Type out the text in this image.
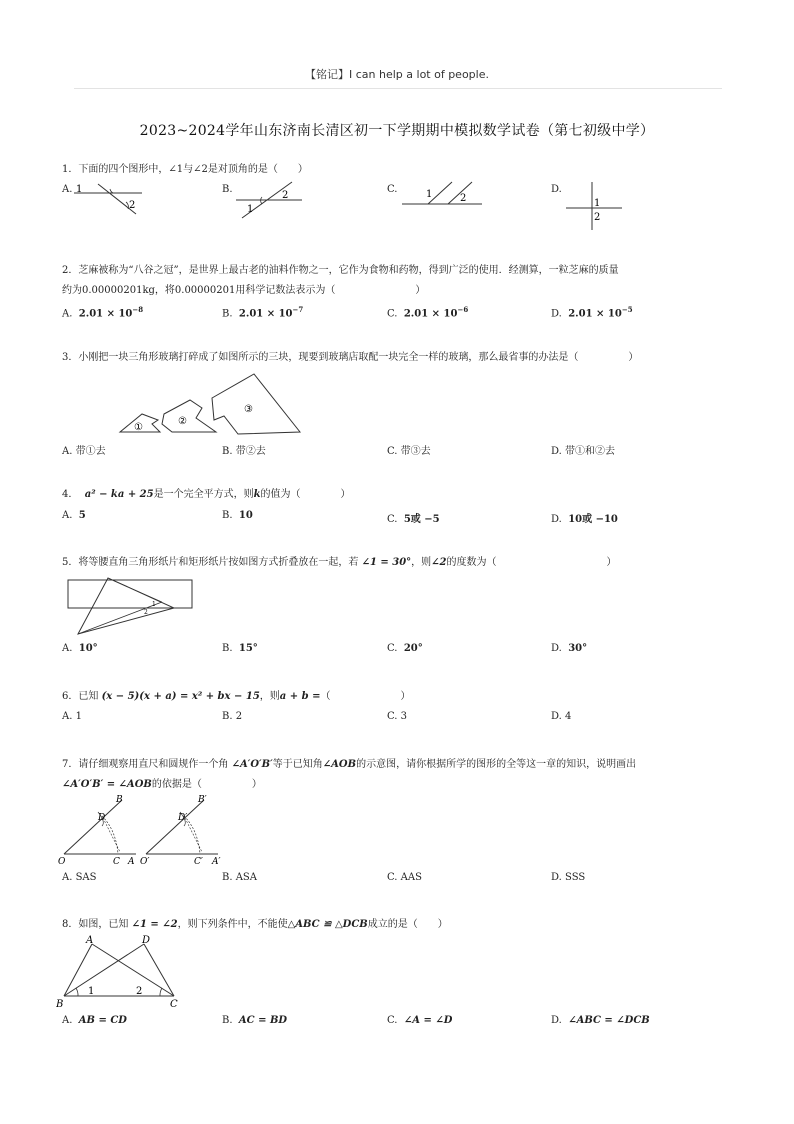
【铭记】I can help a lot of people.
2023~2024学年山东济南长清区初一下学期期中模拟数学试卷（第七初级中学）
1．下面的四个图形中，∠1与∠2是对顶角的是（　　）
A.	B.	C.	D.
1
2
2
1
1	2	1
2
2．芝麻被称为“八谷之冠”，是世界上最古老的油料作物之一，它作为食物和药物，得到广泛的使用．经测算，一粒芝麻的质量
约为0.00000201kg，将0.00000201用科学记数法表示为（　　　　　　　　）
A. $2.01 \times 10^{-8}$	B. $2.01 \times 10^{-7}$	C. $2.01 \times 10^{-6}$	D. $2.01 \times 10^{-5}$
3．小刚把一块三角形玻璃打碎成了如图所示的三块，现要到玻璃店取配一块完全一样的玻璃，那么最省事的办法是（　　　　　）
①
②
③
A. 带①去	B. 带②去	C. 带③去	D. 带①和②去
4． a² − ka + 25是一个完全平方式，则k的值为（　　　　）
A. 5	B. 10	C. 5或 −5	D. 10或 −10
5．将等腰直角三角形纸片和矩形纸片按如图方式折叠放在一起，若 ∠1 = 30°，则∠2的度数为（　　　　　　　　　　　）
1
2
A. 10°	B. 15°	C. 20°	D. 30°
6．已知 (x − 5)(x + a) = x² + bx − 15，则a + b =（　　　　　　　）
A. 1	B. 2	C. 3	D. 4
7．请仔细观察用直尺和圆规作一个角 ∠A′O′B′等于已知角∠AOB的示意图，请你根据所学的图形的全等这一章的知识，说明画出
∠A′O′B′ = ∠AOB的依据是（　　　　　）
B
D
O	C A
B′
D′
O′	C′ A′
A. SAS	B. ASA	C. AAS	D. SSS
8．如图，已知 ∠1 = ∠2，则下列条件中，不能使△ABC ≌ △DCB成立的是（　　）
A	D
B	C
1	2
A. AB = CD	B. AC = BD	C. ∠A = ∠D	D. ∠ABC = ∠DCB
